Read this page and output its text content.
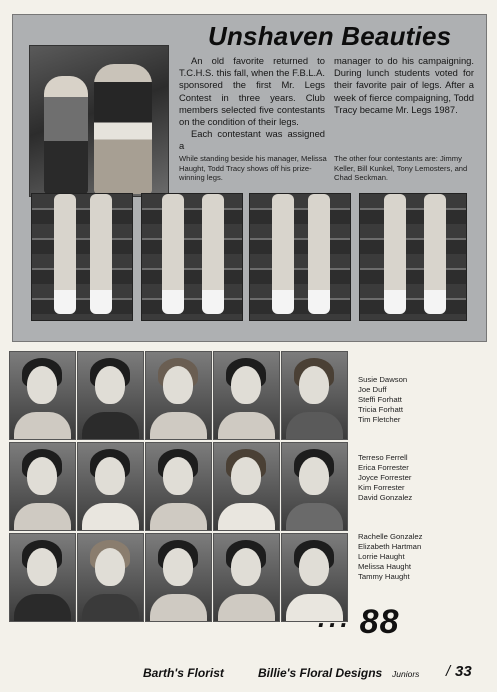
Unshaven Beauties

An old favorite returned to T.C.H.S. this fall, when the F.B.L.A. sponsored the first Mr. Legs Contest in three years. Club members selected five contestants on the condition of their legs.

Each contestant was assigned a

manager to do his campaigning. During lunch students voted for their favorite pair of legs. After a week of fierce compaigning, Todd Tracy became Mr. Legs 1987.

While standing beside his manager, Melissa Haught, Todd Tracy shows off his prize-winning legs.

The other four contestants are: Jimmy Keller, Bill Kunkel, Tony Lemosters, and Chad Seckman.

Susie Dawson
Joe Duff
Steffi Forhatt
Tricia Forhatt
Tim Fletcher
Terreso Ferrell
Erica Forrester
Joyce Forrester
Kim Forrester
David Gonzalez
Rachelle Gonzalez
Elizabeth Hartman
Lorrie Haught
Melissa Haught
Tammy Haught
... 88
Barth's Florist	Billie's Floral Designs Juniors / 33
